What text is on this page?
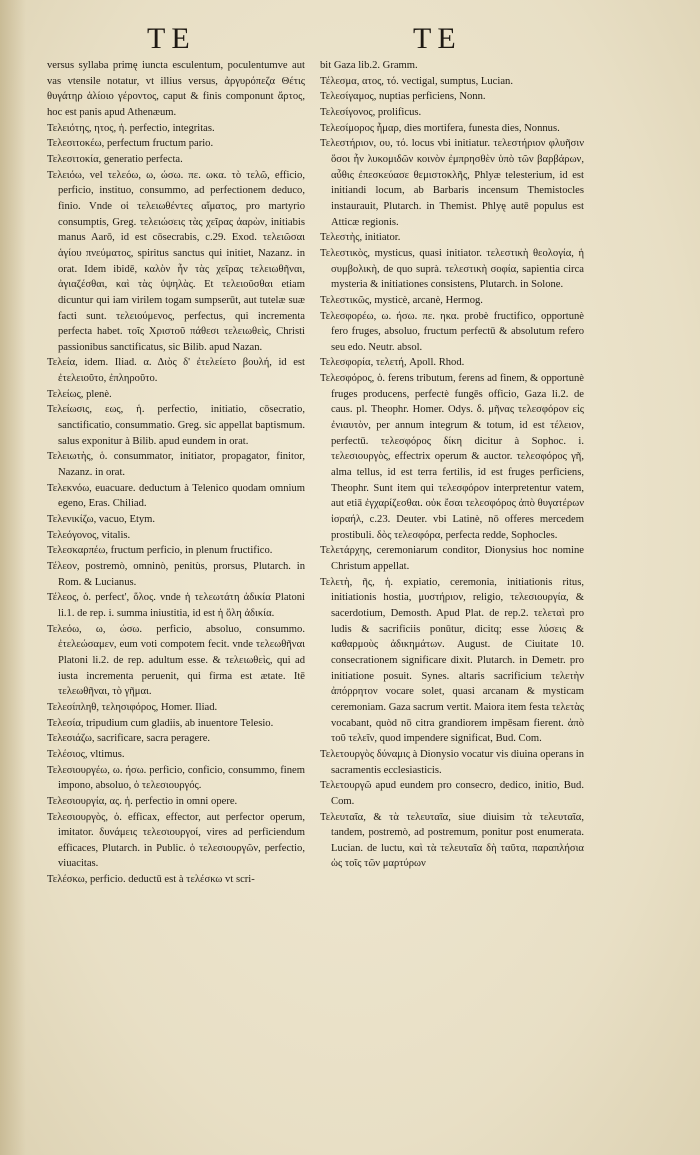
TE	TE

versus syllaba primę iuncta esculentum, poculentumve aut vas vtensile notatur, vt illius versus, ἀργυρόπεζα Θέτις θυγάτηρ ἁλίοιο γέροντος, caput & finis componunt ἄρτος, hoc est panis apud Athenæum.

Τελειότης, ητος, ἡ. perfectio, integritas.

Τελεσιτοκέω, perfectum fructum pario.

Τελεσιτοκία, generatio perfecta.

Τελειόω, vel τελεόω, ω, ώσω. πε. ωκα. τὸ τελῶ, efficio, perficio, instituo, consummo, ad perfectionem deduco, finio. Vnde οἱ τελειωθέντες αἵματος, pro martyrio consumptis, Greg. τελειώσεις τὰς χεῖρας ἀαρὼν, initiabis manus Aarō, id est cōsecrabis, c.29. Exod. τελειῶσαι ἁγίου πνεύματος, spiritus sanctus qui initiet, Nazanz. in orat. Idem ibidē, καλὸν ἦν τὰς χεῖρας τελειωθῆναι, ἀγιαζέσθαι, καὶ τὰς ὑψηλὰς. Et τελειοῦσθαι etiam dicuntur qui iam virilem togam sumpserūt, aut tutelæ suæ facti sunt. τελειούμενος, perfectus, qui incrementa perfecta habet. τοῖς Χριστοῦ πάθεσι τελειωθεὶς, Christi passionibus sanctificatus, sic Bilib. apud Nazan.

Τελεία, idem. Iliad. α. Διὸς δ' ἐτελείετο βουλή, id est ἐτελειοῦτο, ἐπληροῦτο.

Τελείως, plenè.

Τελείωσις, εως, ἡ. perfectio, initiatio, cōsecratio, sanctificatio, consummatio. Greg. sic appellat baptismum. salus exponitur à Bilib. apud eundem in orat.

Τελειωτὴς, ὁ. consummator, initiator, propagator, finitor, Nazanz. in orat.

Τελεκνόω, euacuare. deductum à Telenico quodam omnium egeno, Eras. Chiliad.

Τελενικίζω, vacuo, Etym.

Τελεόγονος, vitalis.

Τελεσκαρπέω, fructum perficio, in plenum fructifico.

Τέλεον, postremò, omninò, penitùs, prorsus, Plutarch. in Rom. & Lucianus.

Τέλεος, ὁ. perfect', ὅλος. vnde ἡ τελεωτάτη ἀδικία Platoni li.1. de rep. i. summa iniustitia, id est ἡ ὅλη ἀδικία.

Τελεόω, ω, ώσω. perficio, absoluo, consummo. ἐτελεώσαμεν, eum voti compotem fecit. vnde τελεωθῆναι Platoni li.2. de rep. adultum esse. & τελειωθεὶς, qui ad iusta incrementa peruenit, qui firma est ætate. Itē τελεωθῆναι, τὸ γῆμαι.

Τελεσίπληθ, τελησιφόρος, Homer. Iliad.

Τελεσία, tripudium cum gladiis, ab inuentore Telesio.

Τελεσιάζω, sacrificare, sacra peragere.

Τελέσιος, vltimus.

Τελεσιουργέω, ω. ήσω. perficio, conficio, consummo, finem impono, absoluo, ὁ τελεσιουργός.

Τελεσιουργία, ας. ἡ. perfectio in omni opere.

Τελεσιουργὸς, ὁ. efficax, effector, aut perfector operum, imitator. δυνάμεις τελεσιουργοί, vires ad perficiendum efficaces, Plutarch. in Public. ὁ τελεσιουργῶν, perfectio, viuacitas.

Τελέσκω, perficio. deductū est à τελέσκω vt scri-

bit Gaza lib.2. Gramm.

Τέλεσμα, ατος, τό. vectigal, sumptus, Lucian.

Τελεσίγαμος, nuptias perficiens, Nonn.

Τελεσίγονος, prolificus.

Τελεσίμορος ἦμαρ, dies mortifera, funesta dies, Nonnus.

Τελεστήριον, ου, τό. locus vbi initiatur. τελεστήριον φλυῆσιν ὅσοι ἦν λυκομιδῶν κοινὸν ἐμπρησθὲν ὑπὸ τῶν βαρβάρων, αὖθις ἐπεσκεύασε θεμιστοκλῆς, Phlyæ telesterium, id est initiandi locum, ab Barbaris incensum Themistocles instaurauit, Plutarch. in Themist. Phlyę autē populus est Atticæ regionis.

Τελεστὴς, initiator.

Τελεστικὸς, mysticus, quasi initiator. τελεστικὴ θεολογία, ἡ συμβολικὴ, de quo suprà. τελεστικὴ σοφία, sapientia circa mysteria & initiationes consistens, Plutarch. in Solone.

Τελεστικῶς, mysticè, arcanè, Hermog.

Τελεσφορέω, ω. ήσω. πε. ηκα. probè fructifico, opportunè fero fruges, absoluo, fructum perfectū & absolutum refero seu edo. Neutr. absol.

Τελεσφορία, τελετή, Apoll. Rhod.

Τελεσφόρος, ὁ. ferens tributum, ferens ad finem, & opportunè fruges producens, perfectè fungēs officio, Gaza li.2. de caus. pl. Theophr. Homer. Odys. δ. μῆνας τελεσφόρον εἰς ἐνιαυτὸν, per annum integrum & totum, id est τέλειον, perfectū. τελεσφόρος δίκη dicitur à Sophoc. i. τελεσιουργὸς, effectrix operum & auctor. τελεσφόρος γῆ, alma tellus, id est terra fertilis, id est fruges perficiens, Theophr. Sunt item qui τελεσφόρον interpretentur vatem, aut etiā ἐγχαρίζεσθαι. οὐκ ἔσαι τελεσφόρος ἀπὸ θυγατέρων ἰσραήλ, c.23. Deuter. vbi Latinè, nō offeres mercedem prostibuli. δὸς τελεσφόρα, perfecta redde, Sophocles.

Τελετάρχης, ceremoniarum conditor, Dionysius hoc nomine Christum appellat.

Τελετὴ, ῆς, ἡ. expiatio, ceremonia, initiationis ritus, initiationis hostia, μυστήριον, religio, τελεσιουργία, & sacerdotium, Demosth. Apud Plat. de rep.2. τελεταὶ pro ludis & sacrificiis ponūtur, dicitq; esse λύσεις & καθαρμοὺς ἀδικημάτων. August. de Ciuitate 10. consecrationem significare dixit. Plutarch. in Demetr. pro initiatione posuit. Synes. altaris sacrificium τελετὴν ἀπόρρητον vocare solet, quasi arcanam & mysticam ceremoniam. Gaza sacrum vertit. Maiora item festa τελετὰς vocabant, quòd nō citra grandiorem impēsam fierent. ἀπὸ τοῦ τελεῖν, quod impendere significat, Bud. Com.

Τελετουργὸς δύναμις à Dionysio vocatur vis diuina operans in sacramentis ecclesiasticis.

Τελετουργῶ apud eundem pro consecro, dedico, initio, Bud. Com.

Τελευταῖα, & τὰ τελευταῖα, siue diuisim τὰ τελευταῖα, tandem, postremò, ad postremum, ponitur post enumerata. Lucian. de luctu, καὶ τὰ τελευταῖα δὴ ταῦτα, παραπλήσια ὡς τοῖς τῶν μαρτύρων
